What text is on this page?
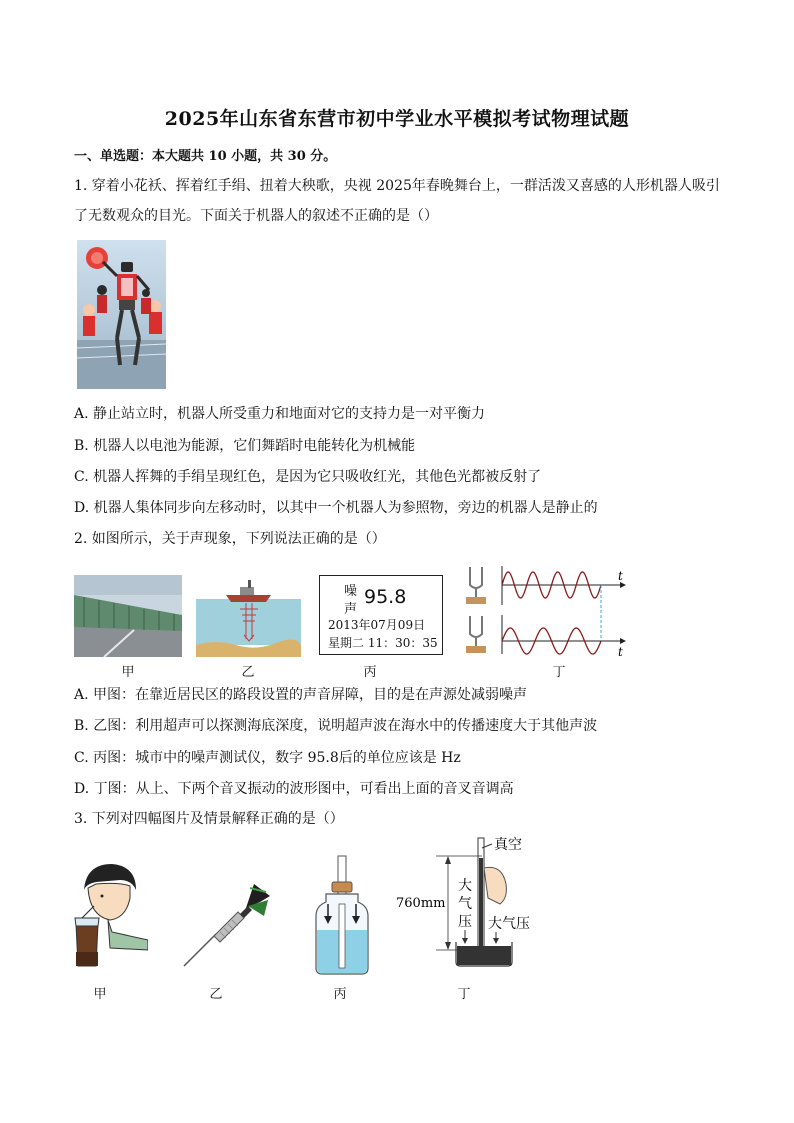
2025年山东省东营市初中学业水平模拟考试物理试题
一、单选题：本大题共 10 小题，共 30 分。
1. 穿着小花袄、挥着红手绢、扭着大秧歌，央视 2025年春晚舞台上，一群活泼又喜感的人形机器人吸引
了无数观众的目光。下面关于机器人的叙述不正确的是（）
A. 静止站立时，机器人所受重力和地面对它的支持力是一对平衡力
B. 机器人以电池为能源，它们舞蹈时电能转化为机械能
C. 机器人挥舞的手绢呈现红色，是因为它只吸收红光，其他色光都被反射了
D. 机器人集体同步向左移动时，以其中一个机器人为参照物，旁边的机器人是静止的
2. 如图所示，关于声现象，下列说法正确的是（）
甲	乙
噪
声
95.8
2013年07月09日
星期二 11：30：35
丙
t
t
丁
A. 甲图：在靠近居民区的路段设置的声音屏障，目的是在声源处减弱噪声
B. 乙图：利用超声可以探测海底深度，说明超声波在海水中的传播速度大于其他声波
C. 丙图：城市中的噪声测试仪，数字 95.8后的单位应该是 Hz
D. 丁图：从上、下两个音叉振动的波形图中，可看出上面的音叉音调高
3. 下列对四幅图片及情景解释正确的是（）
甲	乙	丙
真空
760mm
大
气
压 大气压
丁
